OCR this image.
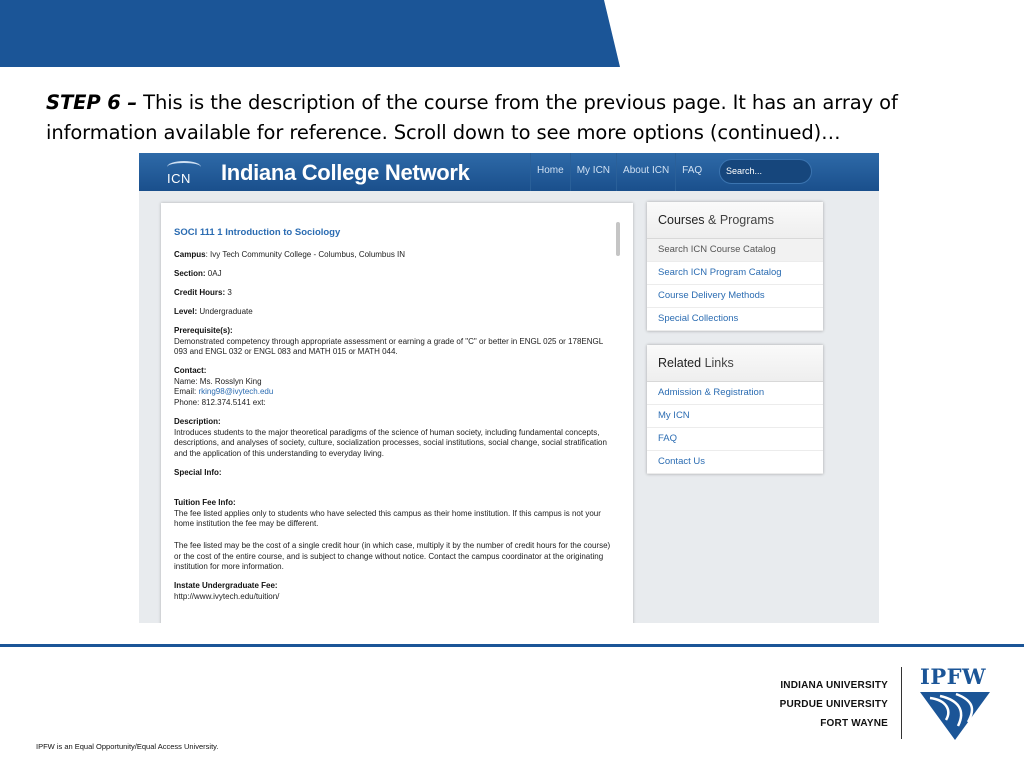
STEP 6 – This is the description of the course from the previous page. It has an array of information available for reference. Scroll down to see more options (continued)…
ICN Indiana College Network	Home	My ICN	About ICN	FAQ	Search...
SOCI 111 1 Introduction to Sociology
Campus: Ivy Tech Community College - Columbus, Columbus IN
Section: 0AJ
Credit Hours: 3
Level: Undergraduate
Prerequisite(s):
Demonstrated competency through appropriate assessment or earning a grade of "C" or better in ENGL 025 or 178ENGL 093 and ENGL 032 or ENGL 083 and MATH 015 or MATH 044.
Contact:
Name: Ms. Rosslyn King
Email: rking98@ivytech.edu
Phone: 812.374.5141 ext:
Description:
Introduces students to the major theoretical paradigms of the science of human society, including fundamental concepts, descriptions, and analyses of society, culture, socialization processes, social institutions, social change, social stratification and the application of this understanding to everyday living.
Special Info:
Tuition Fee Info:
The fee listed applies only to students who have selected this campus as their home institution. If this campus is not your home institution the fee may be different.
The fee listed may be the cost of a single credit hour (in which case, multiply it by the number of credit hours for the course) or the cost of the entire course, and is subject to change without notice. Contact the campus coordinator at the originating institution for more information.
Instate Undergraduate Fee:
http://www.ivytech.edu/tuition/
Courses & Programs
Search ICN Course Catalog
Search ICN Program Catalog
Course Delivery Methods
Special Collections
Related Links
Admission & Registration
My ICN
FAQ
Contact Us
INDIANA UNIVERSITY
PURDUE UNIVERSITY
FORT WAYNE
IPFW
IPFW is an Equal Opportunity/Equal Access University.
